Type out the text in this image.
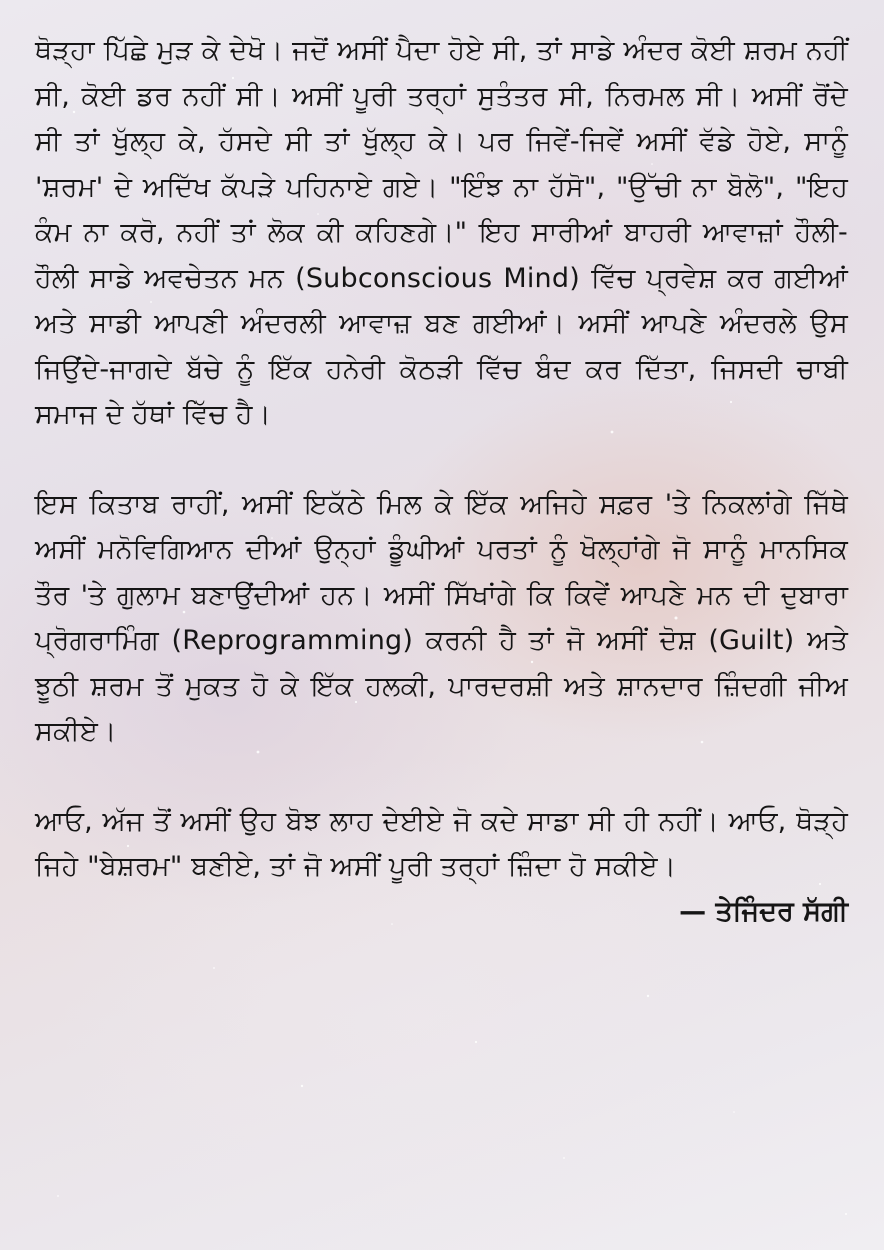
ਥੋੜ੍ਹਾ ਪਿੱਛੇ ਮੁੜ ਕੇ ਦੇਖੋ। ਜਦੋਂ ਅਸੀਂ ਪੈਦਾ ਹੋਏ ਸੀ, ਤਾਂ ਸਾਡੇ ਅੰਦਰ ਕੋਈ ਸ਼ਰਮ ਨਹੀਂ ਸੀ, ਕੋਈ ਡਰ ਨਹੀਂ ਸੀ। ਅਸੀਂ ਪੂਰੀ ਤਰ੍ਹਾਂ ਸੁਤੰਤਰ ਸੀ, ਨਿਰਮਲ ਸੀ। ਅਸੀਂ ਰੋਂਦੇ ਸੀ ਤਾਂ ਖੁੱਲ੍ਹ ਕੇ, ਹੱਸਦੇ ਸੀ ਤਾਂ ਖੁੱਲ੍ਹ ਕੇ। ਪਰ ਜਿਵੇਂ-ਜਿਵੇਂ ਅਸੀਂ ਵੱਡੇ ਹੋਏ, ਸਾਨੂੰ 'ਸ਼ਰਮ' ਦੇ ਅਦਿੱਖ ਕੱਪੜੇ ਪਹਿਨਾਏ ਗਏ। "ਇੰਝ ਨਾ ਹੱਸੋ", "ਉੱਚੀ ਨਾ ਬੋਲੋ", "ਇਹ ਕੰਮ ਨਾ ਕਰੋ, ਨਹੀਂ ਤਾਂ ਲੋਕ ਕੀ ਕਹਿਣਗੇ।" ਇਹ ਸਾਰੀਆਂ ਬਾਹਰੀ ਆਵਾਜ਼ਾਂ ਹੌਲੀ-ਹੌਲੀ ਸਾਡੇ ਅਵਚੇਤਨ ਮਨ (Subconscious Mind) ਵਿੱਚ ਪ੍ਰਵੇਸ਼ ਕਰ ਗਈਆਂ ਅਤੇ ਸਾਡੀ ਆਪਣੀ ਅੰਦਰਲੀ ਆਵਾਜ਼ ਬਣ ਗਈਆਂ। ਅਸੀਂ ਆਪਣੇ ਅੰਦਰਲੇ ਉਸ ਜਿਉਂਦੇ-ਜਾਗਦੇ ਬੱਚੇ ਨੂੰ ਇੱਕ ਹਨੇਰੀ ਕੋਠੜੀ ਵਿੱਚ ਬੰਦ ਕਰ ਦਿੱਤਾ, ਜਿਸਦੀ ਚਾਬੀ ਸਮਾਜ ਦੇ ਹੱਥਾਂ ਵਿੱਚ ਹੈ।

ਇਸ ਕਿਤਾਬ ਰਾਹੀਂ, ਅਸੀਂ ਇਕੱਠੇ ਮਿਲ ਕੇ ਇੱਕ ਅਜਿਹੇ ਸਫ਼ਰ 'ਤੇ ਨਿਕਲਾਂਗੇ ਜਿੱਥੇ ਅਸੀਂ ਮਨੋਵਿਗਿਆਨ ਦੀਆਂ ਉਨ੍ਹਾਂ ਡੂੰਘੀਆਂ ਪਰਤਾਂ ਨੂੰ ਖੋਲ੍ਹਾਂਗੇ ਜੋ ਸਾਨੂੰ ਮਾਨਸਿਕ ਤੌਰ 'ਤੇ ਗੁਲਾਮ ਬਣਾਉਂਦੀਆਂ ਹਨ। ਅਸੀਂ ਸਿੱਖਾਂਗੇ ਕਿ ਕਿਵੇਂ ਆਪਣੇ ਮਨ ਦੀ ਦੁਬਾਰਾ ਪ੍ਰੋਗਰਾਮਿੰਗ (Reprogramming) ਕਰਨੀ ਹੈ ਤਾਂ ਜੋ ਅਸੀਂ ਦੋਸ਼ (Guilt) ਅਤੇ ਝੂਠੀ ਸ਼ਰਮ ਤੋਂ ਮੁਕਤ ਹੋ ਕੇ ਇੱਕ ਹਲਕੀ, ਪਾਰਦਰਸ਼ੀ ਅਤੇ ਸ਼ਾਨਦਾਰ ਜ਼ਿੰਦਗੀ ਜੀਅ ਸਕੀਏ।

ਆਓ, ਅੱਜ ਤੋਂ ਅਸੀਂ ਉਹ ਬੋਝ ਲਾਹ ਦੇਈਏ ਜੋ ਕਦੇ ਸਾਡਾ ਸੀ ਹੀ ਨਹੀਂ। ਆਓ, ਥੋੜ੍ਹੇ ਜਿਹੇ "ਬੇਸ਼ਰਮ" ਬਣੀਏ, ਤਾਂ ਜੋ ਅਸੀਂ ਪੂਰੀ ਤਰ੍ਹਾਂ ਜ਼ਿੰਦਾ ਹੋ ਸਕੀਏ।

— ਤੇਜਿੰਦਰ ਸੱਗੀ
